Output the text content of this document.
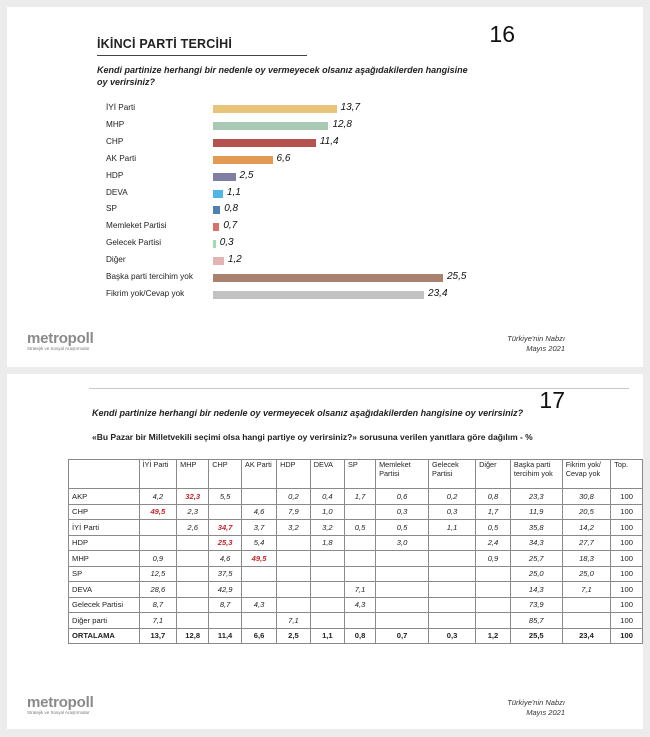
İKİNCİ PARTİ TERCİHİ	16
Kendi partinize herhangi bir nedenle oy vermeyecek olsanız aşağıdakilerden hangisine
oy verirsiniz?
İYİ Parti	13,7
MHP	12,8
CHP	11,4
AK Parti	6,6
HDP	2,5
DEVA	1,1
SP	0,8
Memleket Partisi	0,7
Gelecek Partisi	0,3
Diğer	1,2
Başka parti tercihim yok	25,5
Fikrim yok/Cevap yok	23,4
metropoll
Stratejik ve Sosyal Araştırmalar
Türkiye'nin Nabzı
Mayıs 2021
17
Kendi partinize herhangi bir nedenle oy vermeyecek olsanız aşağıdakilerden hangisine oy verirsiniz?
«Bu Pazar bir Milletvekili seçimi olsa hangi partiye oy verirsiniz?» sorusuna verilen yanıtlara göre dağılım - %
	İYİ Parti	MHP	CHP	AK Parti	HDP	DEVA	SP	Memleket Partisi	Gelecek Partisi	Diğer	Başka parti tercihim yok	Fikrim yok/ Cevap yok	Top.
AKP	4,2	32,3	5,5		0,2	0,4	1,7	0,6	0,2	0,8	23,3	30,8	100
CHP	49,5	2,3		4,6	7,9	1,0		0,3	0,3	1,7	11,9	20,5	100
İYİ Parti		2,6	34,7	3,7	3,2	3,2	0,5	0,5	1,1	0,5	35,8	14,2	100
HDP			25,3	5,4		1,8		3,0		2,4	34,3	27,7	100
MHP	0,9		4,6	49,5						0,9	25,7	18,3	100
SP	12,5		37,5								25,0	25,0	100
DEVA	28,6		42,9				7,1				14,3	7,1	100
Gelecek Partisi	8,7		8,7	4,3			4,3				73,9		100
Diğer parti	7,1				7,1						85,7		100
ORTALAMA	13,7	12,8	11,4	6,6	2,5	1,1	0,8	0,7	0,3	1,2	25,5	23,4	100
metropoll
Stratejik ve Sosyal Araştırmalar
Türkiye'nin Nabzı
Mayıs 2021
